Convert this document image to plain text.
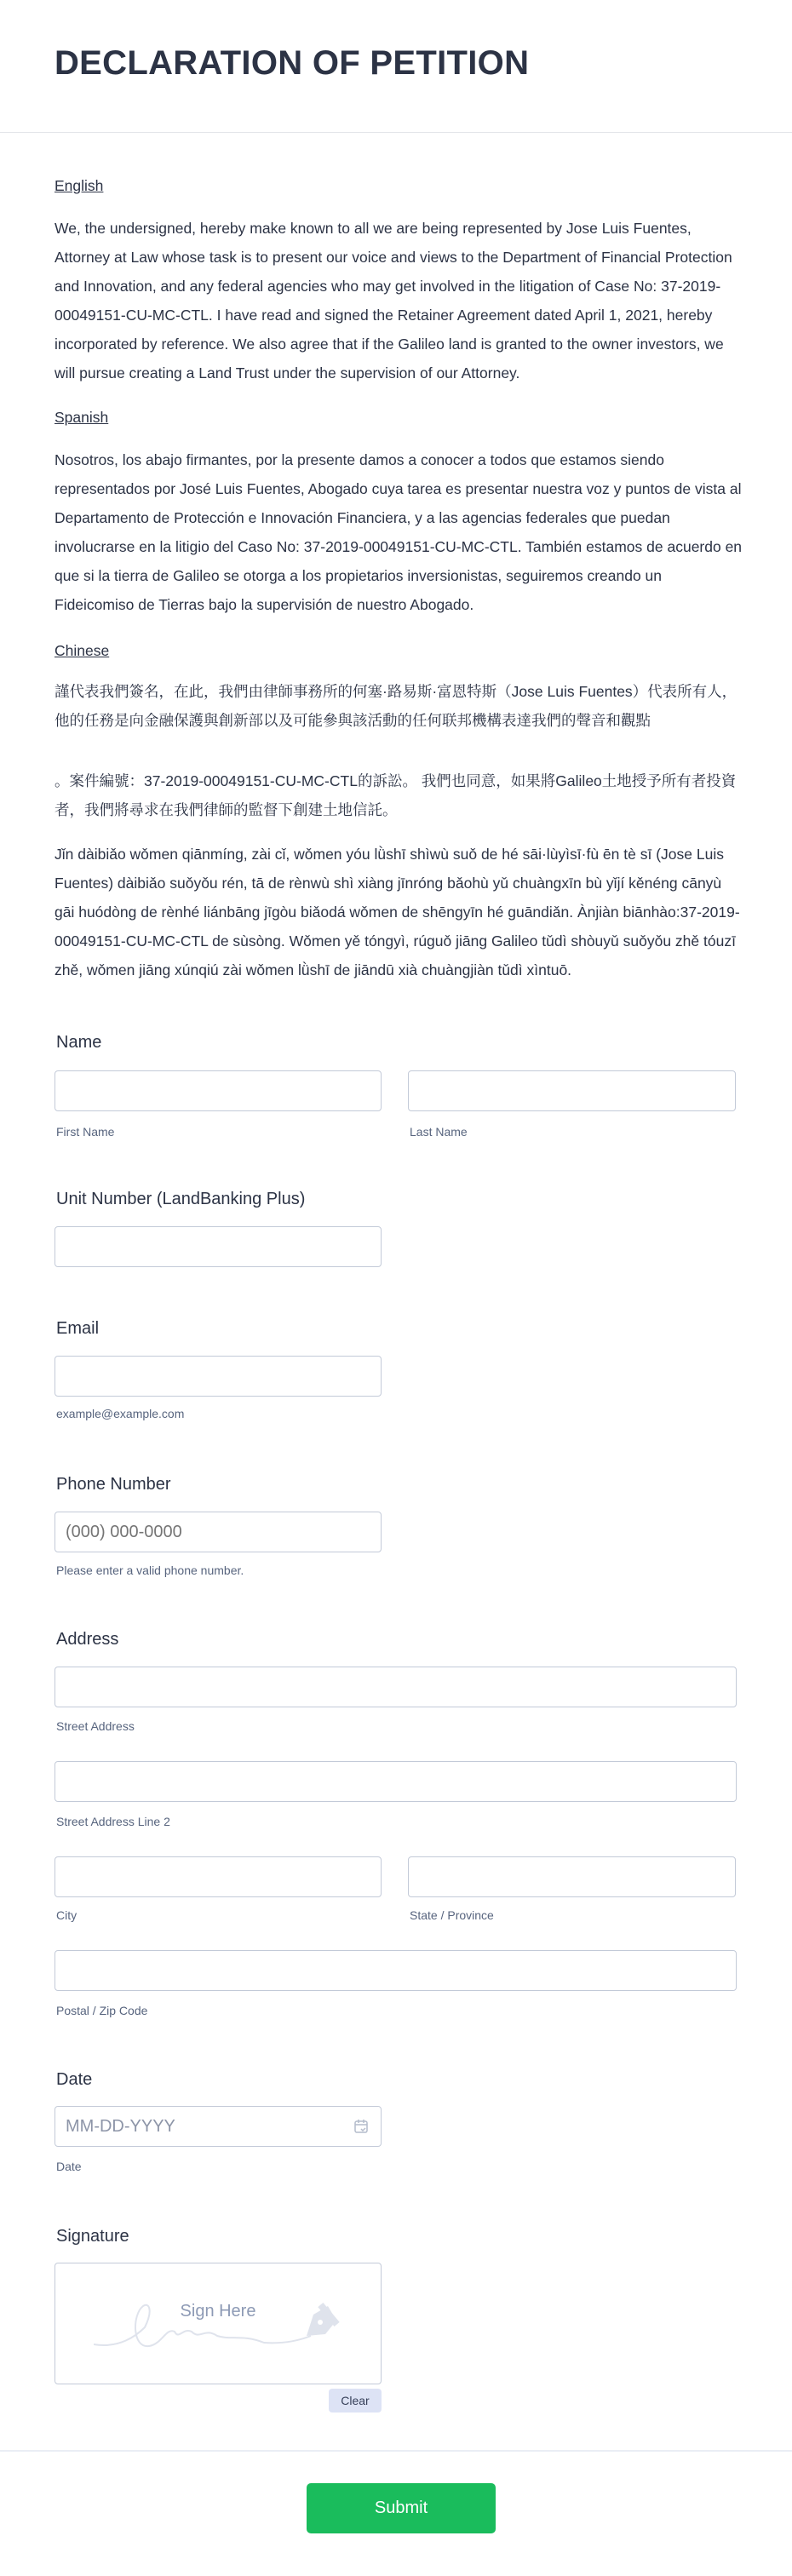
DECLARATION OF PETITION
English

We, the undersigned, hereby make known to all we are being represented by Jose Luis Fuentes, Attorney at Law whose task is to present our voice and views to the Department of Financial Protection and Innovation, and any federal agencies who may get involved in the litigation of Case No: 37-2019- 00049151-CU-MC-CTL. I have read and signed the Retainer Agreement dated April 1, 2021, hereby incorporated by reference. We also agree that if the Galileo land is granted to the owner investors, we will pursue creating a Land Trust under the supervision of our Attorney.

Spanish

Nosotros, los abajo firmantes, por la presente damos a conocer a todos que estamos siendo representados por José Luis Fuentes, Abogado cuya tarea es presentar nuestra voz y puntos de vista al Departamento de Protección e Innovación Financiera, y a las agencias federales que puedan involucrarse en la litigio del Caso No: 37-2019-00049151-CU-MC-CTL. También estamos de acuerdo en que si la tierra de Galileo se otorga a los propietarios inversionistas, seguiremos creando un Fideicomiso de Tierras bajo la supervisión de nuestro Abogado.

Chinese

謹代表我們簽名，在此，我們由律師事務所的何塞·路易斯·富恩特斯（Jose Luis Fuentes）代表所有人，他的任務是向金融保護與創新部以及可能參與該活動的任何联邦機構表達我們的聲音和觀點

。案件編號：37-2019-00049151-CU-MC-CTL的訴訟。 我們也同意，如果將Galileo土地授予所有者投資者，我們將尋求在我們律師的監督下創建土地信託。

Jǐn dàibiǎo wǒmen qiānmíng, zài cǐ, wǒmen yóu lǜshī shìwù suǒ de hé sāi·lùyìsī·fù ēn tè sī (Jose Luis Fuentes) dàibiǎo suǒyǒu rén, tā de rènwù shì xiàng jīnróng bǎohù yǔ chuàngxīn bù yǐjí kěnéng cānyù gāi huódòng de rènhé liánbāng jīgòu biǎodá wǒmen de shēngyīn hé guāndiǎn. Ànjiàn biānhào:37-2019- 00049151-CU-MC-CTL de sùsòng. Wǒmen yě tóngyì, rúguǒ jiāng Galileo tǔdì shòuyǔ suǒyǒu zhě tóuzī zhě, wǒmen jiāng xúnqiú zài wǒmen lǜshī de jiāndū xià chuàngjiàn tǔdì xìntuō.

Name
First Name	Last Name
Unit Number (LandBanking Plus)
Email
example@example.com
Phone Number
(000) 000-0000
Please enter a valid phone number.
Address
Street Address
Street Address Line 2
City	State / Province
Postal / Zip Code
Date
MM-DD-YYYY
Date
Signature
Sign Here
Clear
Submit
